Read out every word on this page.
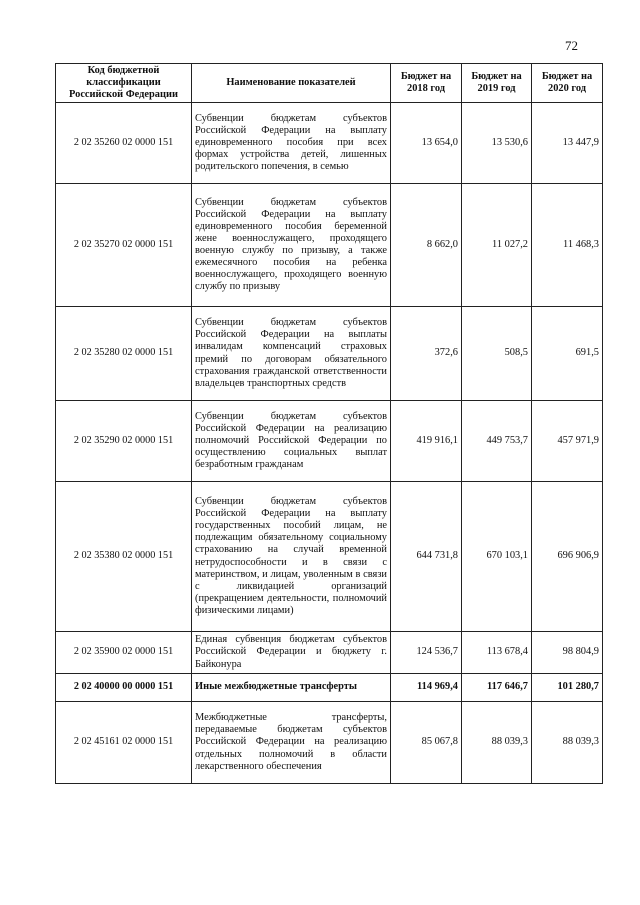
72
Код бюджетной классификации Российской Федерации	Наименование показателей	Бюджет на 2018 год	Бюджет на 2019 год	Бюджет на 2020 год
2 02 35260 02 0000 151	Субвенции бюджетам субъектов Российской Федерации на выплату единовременного пособия при всех формах устройства детей, лишенных родительского попечения, в семью	13 654,0	13 530,6	13 447,9
2 02 35270 02 0000 151	Субвенции бюджетам субъектов Российской Федерации на выплату единовременного пособия беременной жене военнослужащего, проходящего военную службу по призыву, а также ежемесячного пособия на ребенка военнослужащего, проходящего военную службу по призыву	8 662,0	11 027,2	11 468,3
2 02 35280 02 0000 151	Субвенции бюджетам субъектов Российской Федерации на выплаты инвалидам компенсаций страховых премий по договорам обязательного страхования гражданской ответственности владельцев транспортных средств	372,6	508,5	691,5
2 02 35290 02 0000 151	Субвенции бюджетам субъектов Российской Федерации на реализацию полномочий Российской Федерации по осуществлению социальных выплат безработным гражданам	419 916,1	449 753,7	457 971,9
2 02 35380 02 0000 151	Субвенции бюджетам субъектов Российской Федерации на выплату государственных пособий лицам, не подлежащим обязательному социальному страхованию на случай временной нетрудоспособности и в связи с материнством, и лицам, уволенным в связи с ликвидацией организаций (прекращением деятельности, полномочий физическими лицами)	644 731,8	670 103,1	696 906,9
2 02 35900 02 0000 151	Единая субвенция бюджетам субъектов Российской Федерации и бюджету г. Байконура	124 536,7	113 678,4	98 804,9
2 02 40000 00 0000 151	Иные межбюджетные трансферты	114 969,4	117 646,7	101 280,7
2 02 45161 02 0000 151	Межбюджетные трансферты, передаваемые бюджетам субъектов Российской Федерации на реализацию отдельных полномочий в области лекарственного обеспечения	85 067,8	88 039,3	88 039,3
